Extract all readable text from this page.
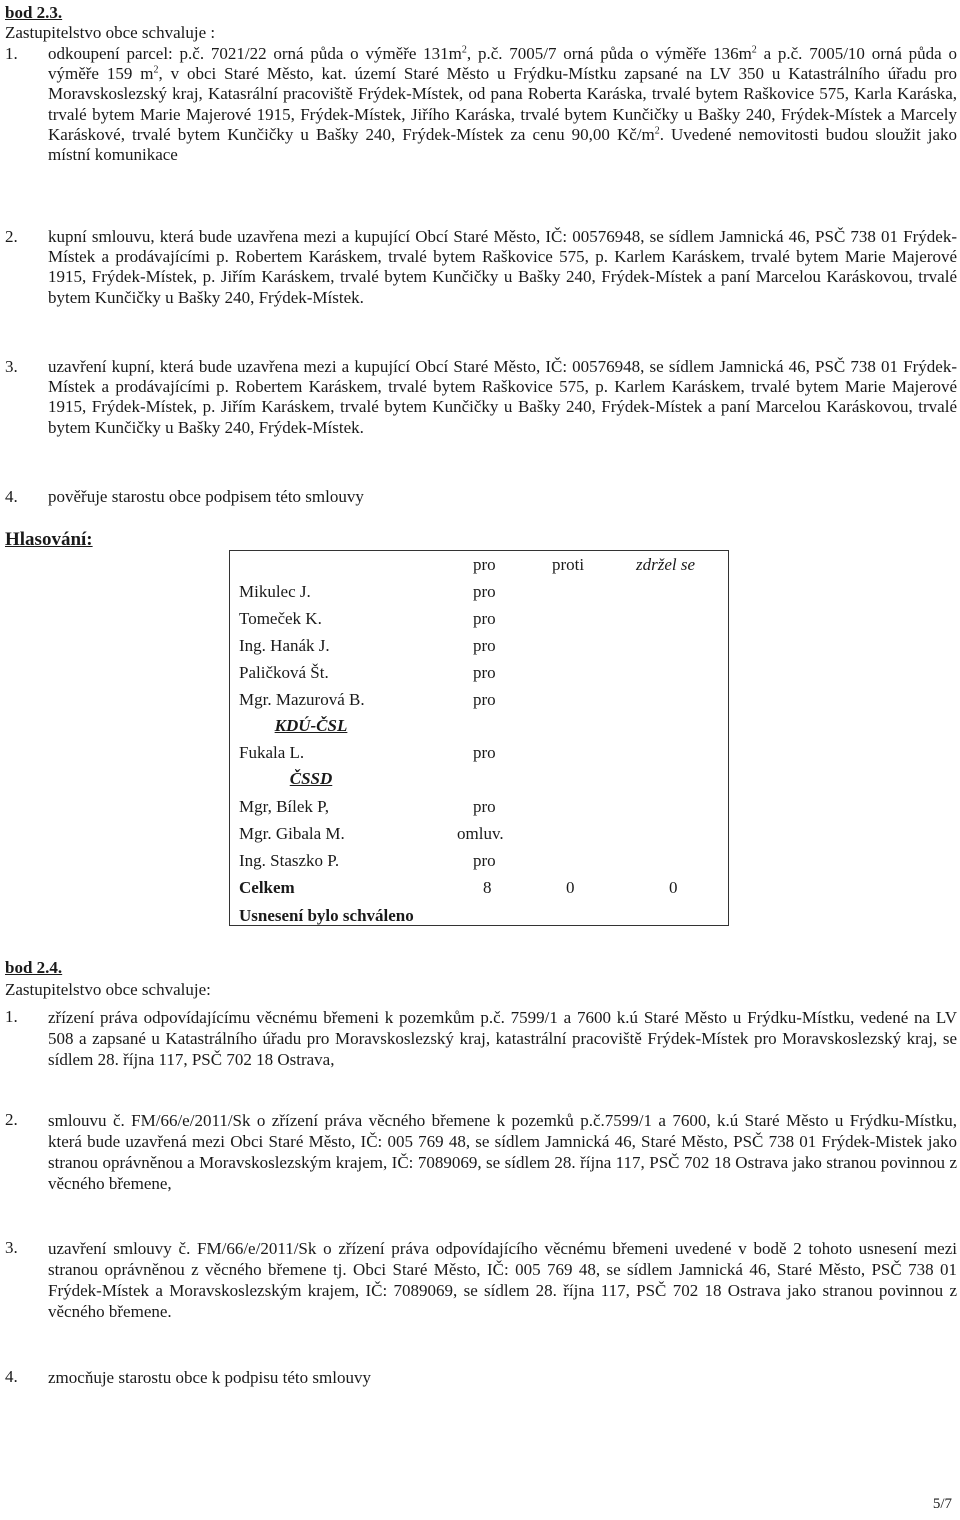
bod 2.3.
Zastupitelstvo obce schvaluje :
1. odkoupení parcel: p.č. 7021/22 orná půda o výměře $131m^2$, p.č. 7005/7 orná půda o výměře $136m^2$ a p.č. 7005/10 orná půda o výměře 159 $m^2$, v obci Staré Město, kat. území Staré Město u Frýdku-Místku zapsané na LV 350 u Katastrálního úřadu pro Moravskoslezský kraj, Katasrální pracoviště Frýdek-Místek, od pana Roberta Karáska, trvalé bytem Raškovice 575, Karla Karáska, trvalé bytem Marie Majerové 1915, Frýdek-Místek, Jiřího Karáska, trvalé bytem Kunčičky u Bašky 240, Frýdek-Místek a Marcely Karáskové, trvalé bytem Kunčičky u Bašky 240, Frýdek-Místek za cenu 90,00 $Kč/m^2$. Uvedené nemovitosti budou sloužit jako místní komunikace
2. kupní smlouvu, která bude uzavřena mezi a kupující Obcí Staré Město, IČ: 00576948, se sídlem Jamnická 46, PSČ 738 01 Frýdek-Místek a prodávajícími p. Robertem Karáskem, trvalé bytem Raškovice 575, p. Karlem Karáskem, trvalé bytem Marie Majerové 1915, Frýdek-Místek, p. Jiřím Karáskem, trvalé bytem Kunčičky u Bašky 240, Frýdek-Místek a paní Marcelou Karáskovou, trvalé bytem Kunčičky u Bašky 240, Frýdek-Místek.
3. uzavření kupní, která bude uzavřena mezi a kupující Obcí Staré Město, IČ: 00576948, se sídlem Jamnická 46, PSČ 738 01 Frýdek-Místek a prodávajícími p. Robertem Karáskem, trvalé bytem Raškovice 575, p. Karlem Karáskem, trvalé bytem Marie Majerové 1915, Frýdek-Místek, p. Jiřím Karáskem, trvalé bytem Kunčičky u Bašky 240, Frýdek-Místek a paní Marcelou Karáskovou, trvalé bytem Kunčičky u Bašky 240, Frýdek-Místek.
4. pověřuje starostu obce podpisem této smlouvy
Hlasování:
pro	proti	zdržel se
Mikulec J.	pro
Tomeček K.	pro
Ing. Hanák J.	pro
Paličková Št.	pro
Mgr. Mazurová B.	pro
KDÚ-ČSL
Fukala L.	pro
ČSSD
Mgr, Bílek P,	pro
Mgr. Gibala M.	omluv.
Ing. Staszko P.	pro
Celkem	8	0	0
Usnesení bylo schváleno
bod 2.4.
Zastupitelstvo obce schvaluje:
1. zřízení práva odpovídajícímu věcnému břemeni k pozemkům p.č. 7599/1 a 7600 k.ú Staré Město u Frýdku-Místku, vedené na LV 508 a zapsané u Katastrálního úřadu pro Moravskoslezský kraj, katastrální pracoviště Frýdek-Místek pro Moravskoslezský kraj, se sídlem 28. října 117, PSČ 702 18 Ostrava,
2. smlouvu č. FM/66/e/2011/Sk o zřízení práva věcného břemene k pozemků p.č.7599/1 a 7600, k.ú Staré Město u Frýdku-Místku, která bude uzavřená mezi Obci Staré Město, IČ: 005 769 48, se sídlem Jamnická 46, Staré Město, PSČ 738 01 Frýdek-Mistek jako stranou oprávněnou a Moravskoslezským krajem, IČ: 7089069, se sídlem 28. října 117, PSČ 702 18 Ostrava jako stranou povinnou z věcného břemene,
3. uzavření smlouvy č. FM/66/e/2011/Sk o zřízení práva odpovídajícího věcnému břemeni uvedené v bodě 2 tohoto usnesení mezi stranou oprávněnou z věcného břemene tj. Obci Staré Město, IČ: 005 769 48, se sídlem Jamnická 46, Staré Město, PSČ 738 01 Frýdek-Místek a Moravskoslezským krajem, IČ: 7089069, se sídlem 28. října 117, PSČ 702 18 Ostrava jako stranou povinnou z věcného břemene.
4. zmocňuje starostu obce k podpisu této smlouvy
5/7
